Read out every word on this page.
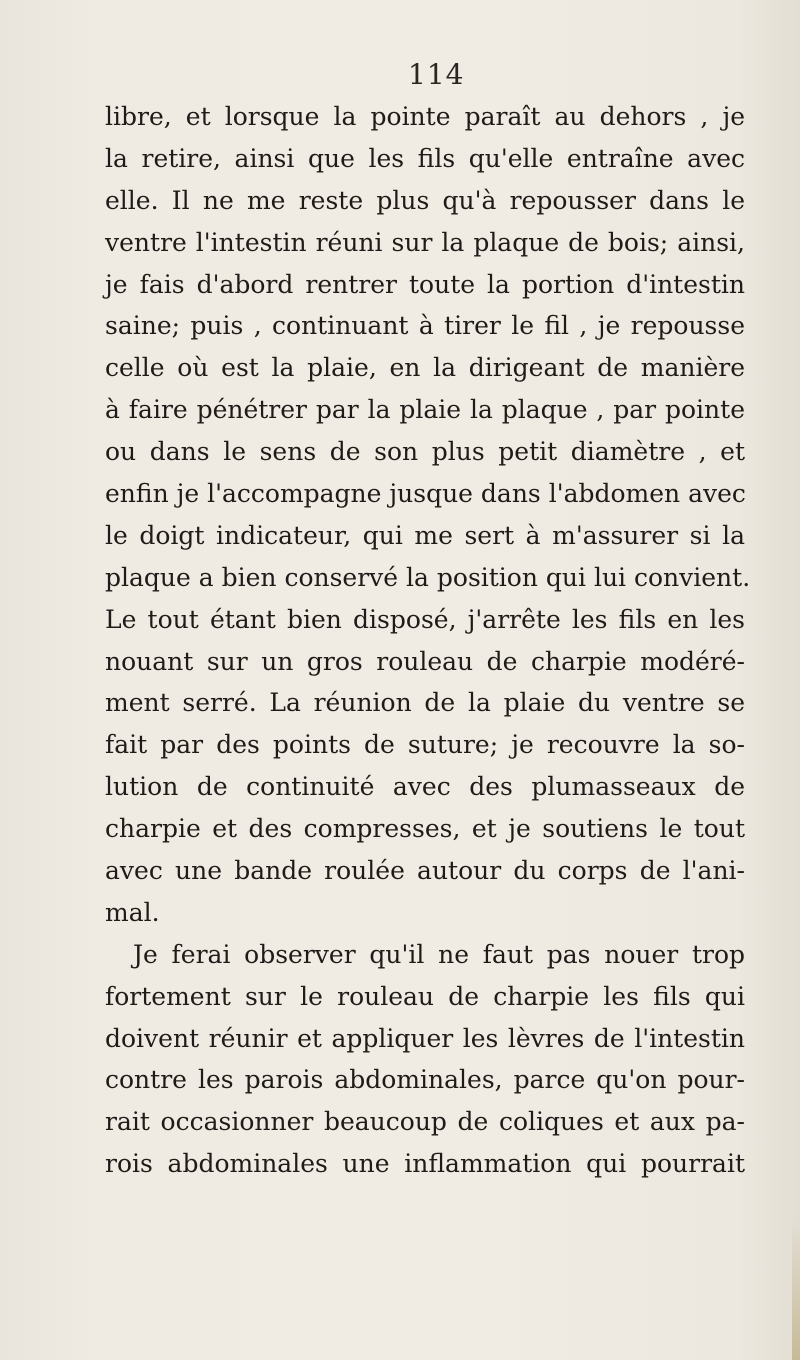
114
libre, et lorsque la pointe paraît au dehors , je
la retire, ainsi que les fils qu'elle entraîne avec
elle. Il ne me reste plus qu'à repousser dans le
ventre l'intestin réuni sur la plaque de bois; ainsi,
je fais d'abord rentrer toute la portion d'intestin
saine; puis , continuant à tirer le fil , je repousse
celle où est la plaie, en la dirigeant de manière
à faire pénétrer par la plaie la plaque , par pointe
ou dans le sens de son plus petit diamètre , et
enfin je l'accompagne jusque dans l'abdomen avec
le doigt indicateur, qui me sert à m'assurer si la
plaque a bien conservé la position qui lui convient.
Le tout étant bien disposé, j'arrête les fils en les
nouant sur un gros rouleau de charpie modéré-
ment serré. La réunion de la plaie du ventre se
fait par des points de suture; je recouvre la so-
lution de continuité avec des plumasseaux de
charpie et des compresses, et je soutiens le tout
avec une bande roulée autour du corps de l'ani-
mal.
Je ferai observer qu'il ne faut pas nouer trop
fortement sur le rouleau de charpie les fils qui
doivent réunir et appliquer les lèvres de l'intestin
contre les parois abdominales, parce qu'on pour-
rait occasionner beaucoup de coliques et aux pa-
rois abdominales une inflammation qui pourrait
